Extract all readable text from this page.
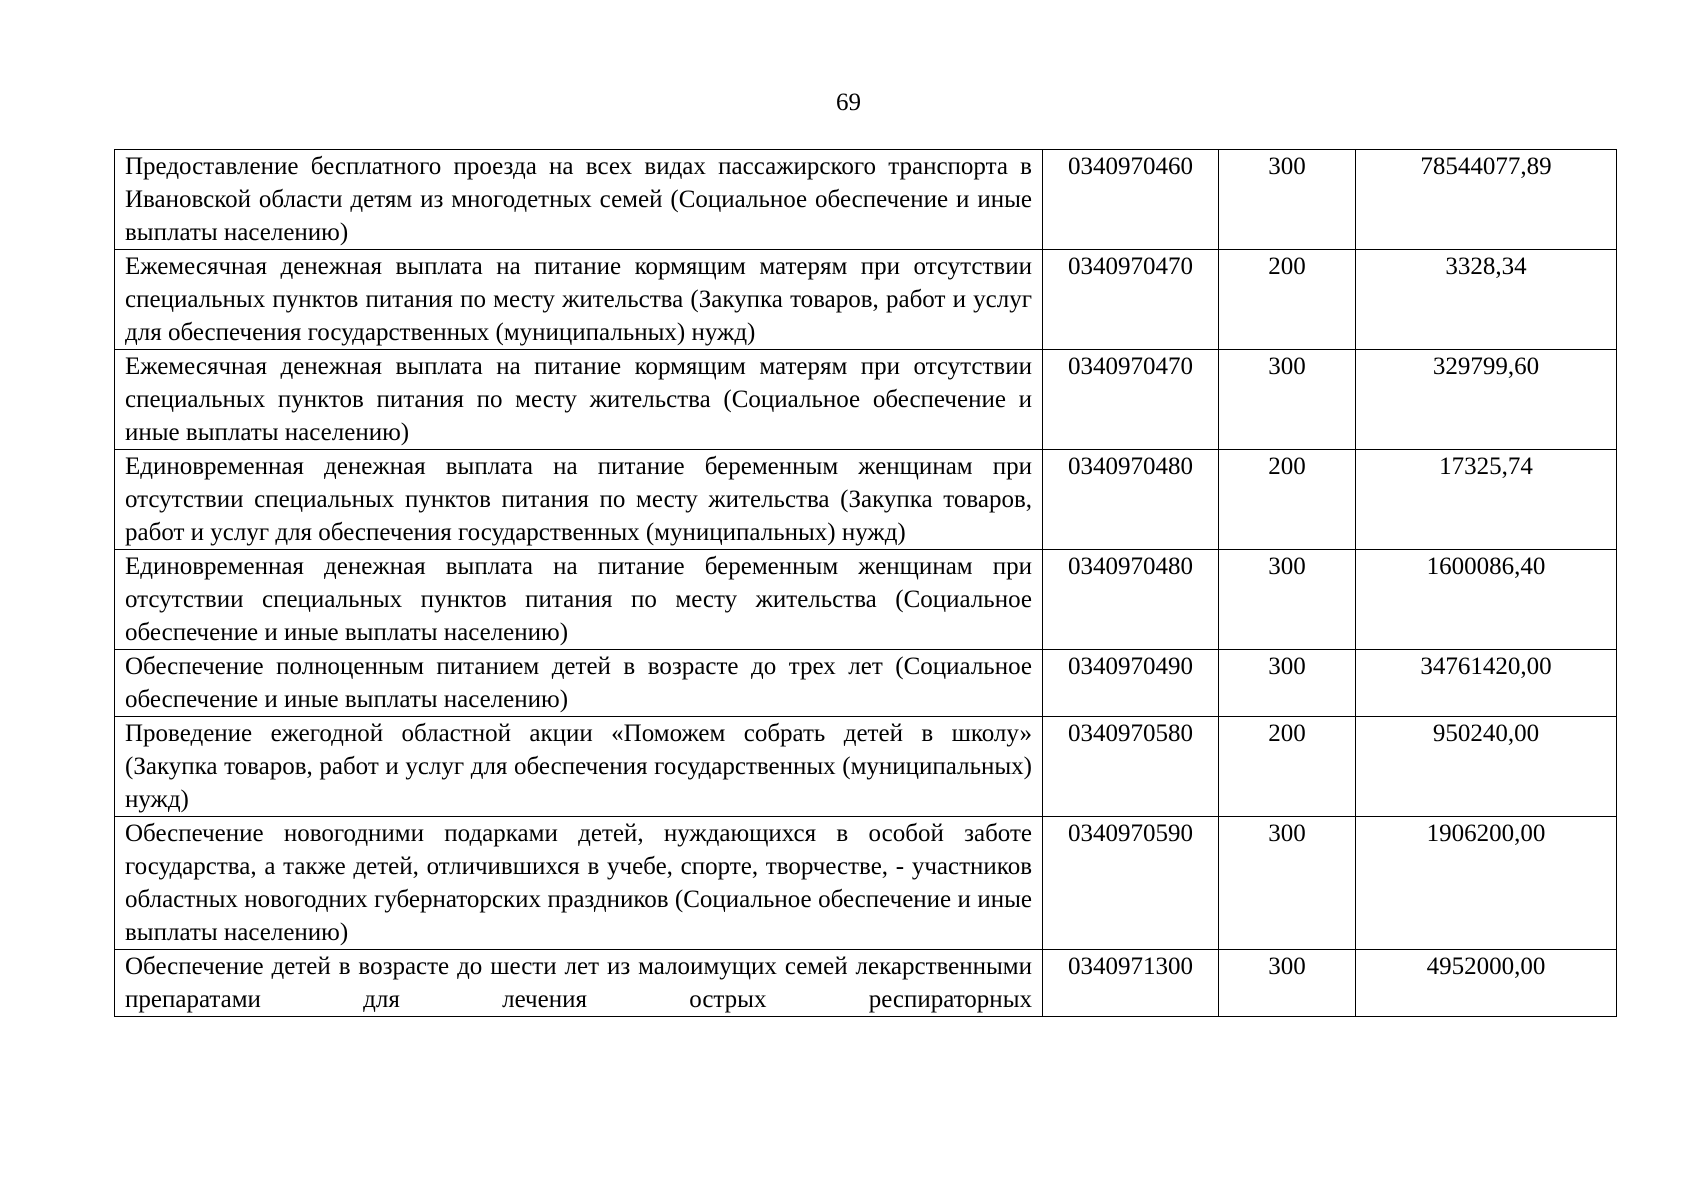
69
Предоставление бесплатного проезда на всех видах пассажирского транспорта в Ивановской области детям из многодетных семей (Социальное обеспечение и иные выплаты населению)	0340970460	300	78544077,89
Ежемесячная денежная выплата на питание кормящим матерям при отсутствии специальных пунктов питания по месту жительства (Закупка товаров, работ и услуг для обеспечения государственных (муниципальных) нужд)	0340970470	200	3328,34
Ежемесячная денежная выплата на питание кормящим матерям при отсутствии специальных пунктов питания по месту жительства (Социальное обеспечение и иные выплаты населению)	0340970470	300	329799,60
Единовременная денежная выплата на питание беременным женщинам при отсутствии специальных пунктов питания по месту жительства (Закупка товаров, работ и услуг для обеспечения государственных (муниципальных) нужд)	0340970480	200	17325,74
Единовременная денежная выплата на питание беременным женщинам при отсутствии специальных пунктов питания по месту жительства (Социальное обеспечение и иные выплаты населению)	0340970480	300	1600086,40
Обеспечение полноценным питанием детей в возрасте до трех лет (Социальное обеспечение и иные выплаты населению)	0340970490	300	34761420,00
Проведение ежегодной областной акции «Поможем собрать детей в школу» (Закупка товаров, работ и услуг для обеспечения государственных (муниципальных) нужд)	0340970580	200	950240,00
Обеспечение новогодними подарками детей, нуждающихся в особой заботе государства, а также детей, отличившихся в учебе, спорте, творчестве, - участников областных новогодних губернаторских праздников (Социальное обеспечение и иные выплаты населению)	0340970590	300	1906200,00
Обеспечение детей в возрасте до шести лет из малоимущих семей лекарственными препаратами для лечения острых респираторных	0340971300	300	4952000,00
